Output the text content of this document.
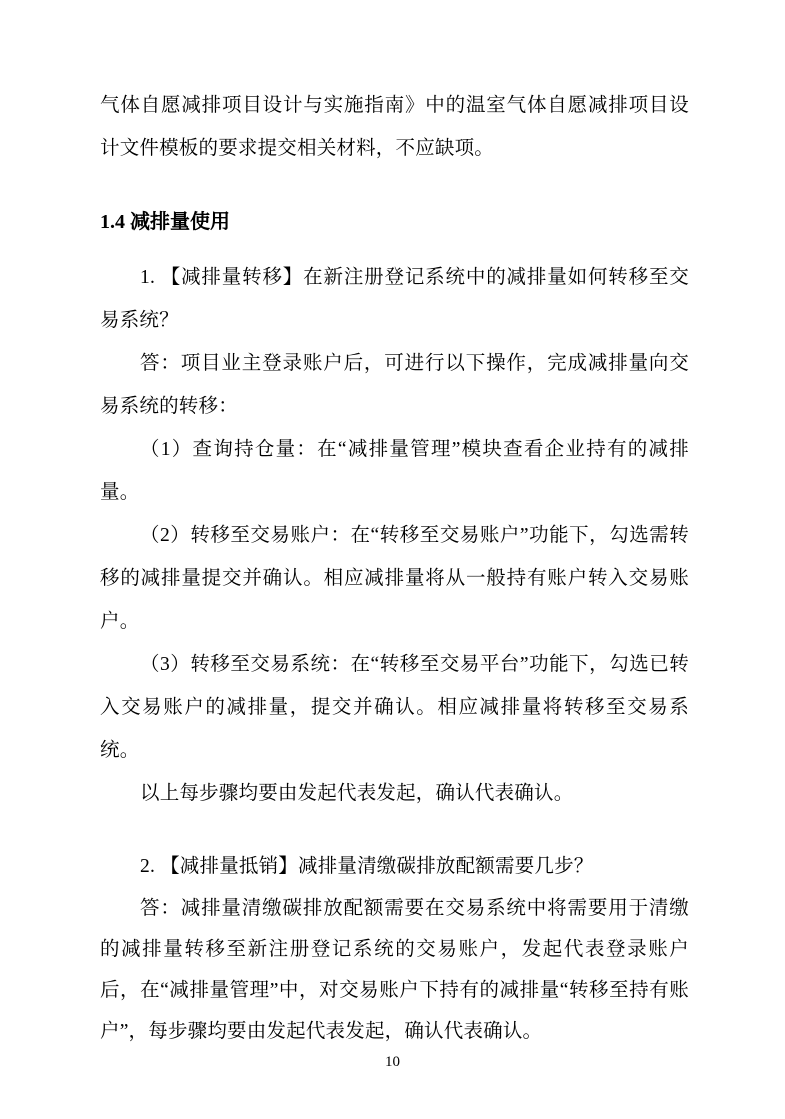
气体自愿减排项目设计与实施指南》中的温室气体自愿减排项目设计文件模板的要求提交相关材料，不应缺项。

1.4 减排量使用

1. 【减排量转移】在新注册登记系统中的减排量如何转移至交易系统？

答：项目业主登录账户后，可进行以下操作，完成减排量向交易系统的转移：

（1）查询持仓量：在“减排量管理”模块查看企业持有的减排量。

（2）转移至交易账户：在“转移至交易账户”功能下，勾选需转移的减排量提交并确认。相应减排量将从一般持有账户转入交易账户。

（3）转移至交易系统：在“转移至交易平台”功能下，勾选已转入交易账户的减排量，提交并确认。相应减排量将转移至交易系统。

以上每步骤均要由发起代表发起，确认代表确认。

2. 【减排量抵销】减排量清缴碳排放配额需要几步？

答：减排量清缴碳排放配额需要在交易系统中将需要用于清缴的减排量转移至新注册登记系统的交易账户，发起代表登录账户后，在“减排量管理”中，对交易账户下持有的减排量“转移至持有账户”，每步骤均要由发起代表发起，确认代表确认。

10
